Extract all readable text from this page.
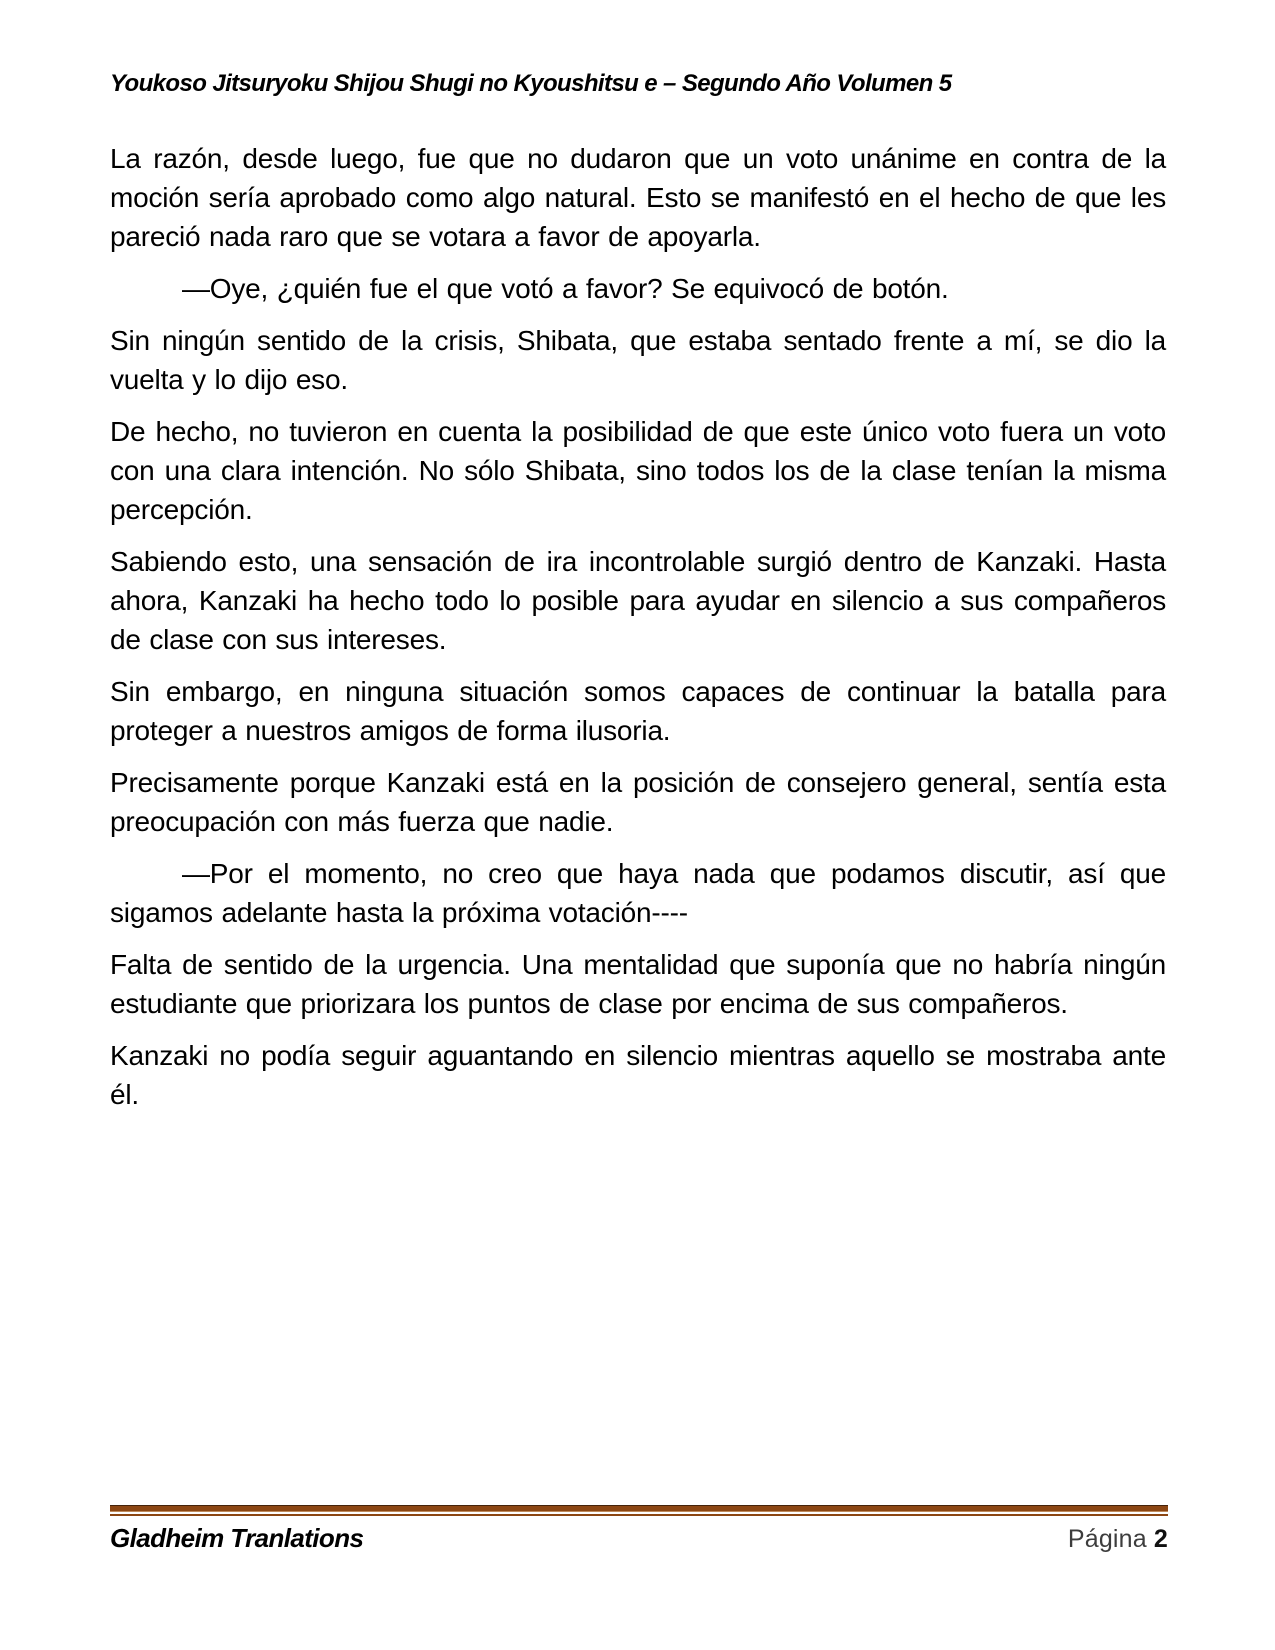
Youkoso Jitsuryoku Shijou Shugi no Kyoushitsu e – Segundo Año Volumen 5

La razón, desde luego, fue que no dudaron que un voto unánime en contra de la moción sería aprobado como algo natural. Esto se manifestó en el hecho de que les pareció nada raro que se votara a favor de apoyarla.

—Oye, ¿quién fue el que votó a favor? Se equivocó de botón.

Sin ningún sentido de la crisis, Shibata, que estaba sentado frente a mí, se dio la vuelta y lo dijo eso.

De hecho, no tuvieron en cuenta la posibilidad de que este único voto fuera un voto con una clara intención. No sólo Shibata, sino todos los de la clase tenían la misma percepción.

Sabiendo esto, una sensación de ira incontrolable surgió dentro de Kanzaki. Hasta ahora, Kanzaki ha hecho todo lo posible para ayudar en silencio a sus compañeros de clase con sus intereses.

Sin embargo, en ninguna situación somos capaces de continuar la batalla para proteger a nuestros amigos de forma ilusoria.

Precisamente porque Kanzaki está en la posición de consejero general, sentía esta preocupación con más fuerza que nadie.

—Por el momento, no creo que haya nada que podamos discutir, así que sigamos adelante hasta la próxima votación----

Falta de sentido de la urgencia. Una mentalidad que suponía que no habría ningún estudiante que priorizara los puntos de clase por encima de sus compañeros.

Kanzaki no podía seguir aguantando en silencio mientras aquello se mostraba ante él.

Gladheim Tranlations	Página 2
